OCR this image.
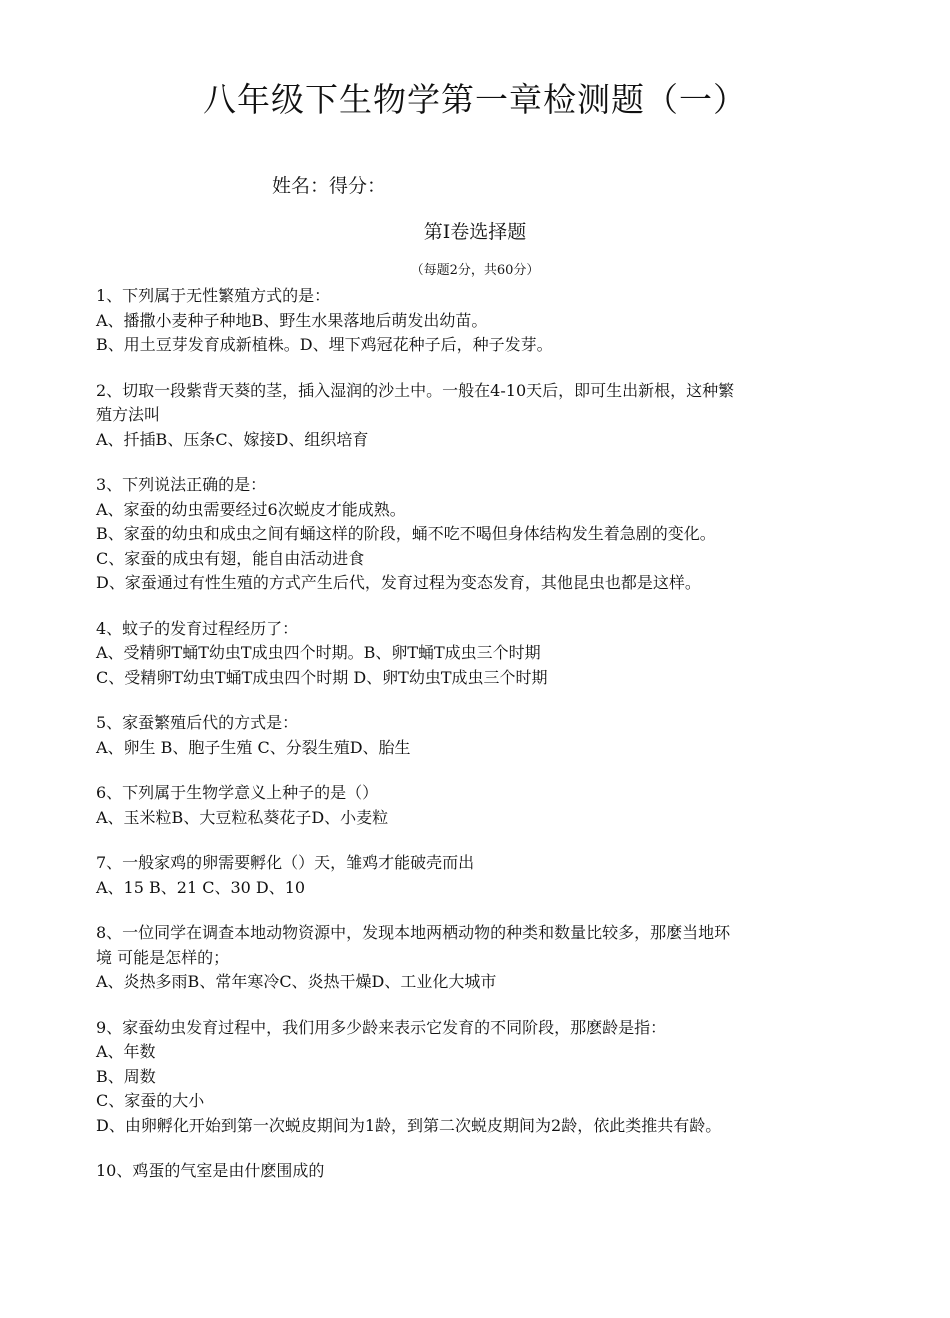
八年级下生物学第一章检测题（一）
姓名：得分：
第Ⅰ卷选择题
（每题2分，共60分）

1、下列属于无性繁殖方式的是：

A、播撒小麦种子种地B、野生水果落地后萌发出幼苗。

B、用土豆芽发育成新植株。D、埋下鸡冠花种子后，种子发芽。

2、切取一段紫背天葵的茎，插入湿润的沙土中。一般在4-10天后，即可生出新根，这种繁

殖方法叫

A、扦插B、压条C、嫁接D、组织培育

3、下列说法正确的是：

A、家蚕的幼虫需要经过6次蜕皮才能成熟。

B、家蚕的幼虫和成虫之间有蛹这样的阶段，蛹不吃不喝但身体结构发生着急剧的变化。

C、家蚕的成虫有翅，能自由活动进食

D、家蚕通过有性生殖的方式产生后代，发育过程为变态发育，其他昆虫也都是这样。

4、蚊子的发育过程经历了：

A、受精卵T蛹T幼虫T成虫四个时期。B、卵T蛹T成虫三个时期

C、受精卵T幼虫T蛹T成虫四个时期 D、卵T幼虫T成虫三个时期

5、家蚕繁殖后代的方式是：

A、卵生 B、胞子生殖 C、分裂生殖D、胎生

6、下列属于生物学意义上种子的是（）

A、玉米粒B、大豆粒私葵花子D、小麦粒

7、一般家鸡的卵需要孵化（）天，雏鸡才能破壳而出

A、15 B、21 C、30 D、10

8、一位同学在调查本地动物资源中，发现本地两栖动物的种类和数量比较多，那麼当地环

境 可能是怎样的；

A、炎热多雨B、常年寒冷C、炎热干燥D、工业化大城市

9、家蚕幼虫发育过程中，我们用多少龄来表示它发育的不同阶段，那麽龄是指：

A、年数

B、周数

C、家蚕的大小

D、由卵孵化开始到第一次蜕皮期间为1龄，到第二次蜕皮期间为2龄，依此类推共有龄。

10、鸡蛋的气室是由什麽围成的
